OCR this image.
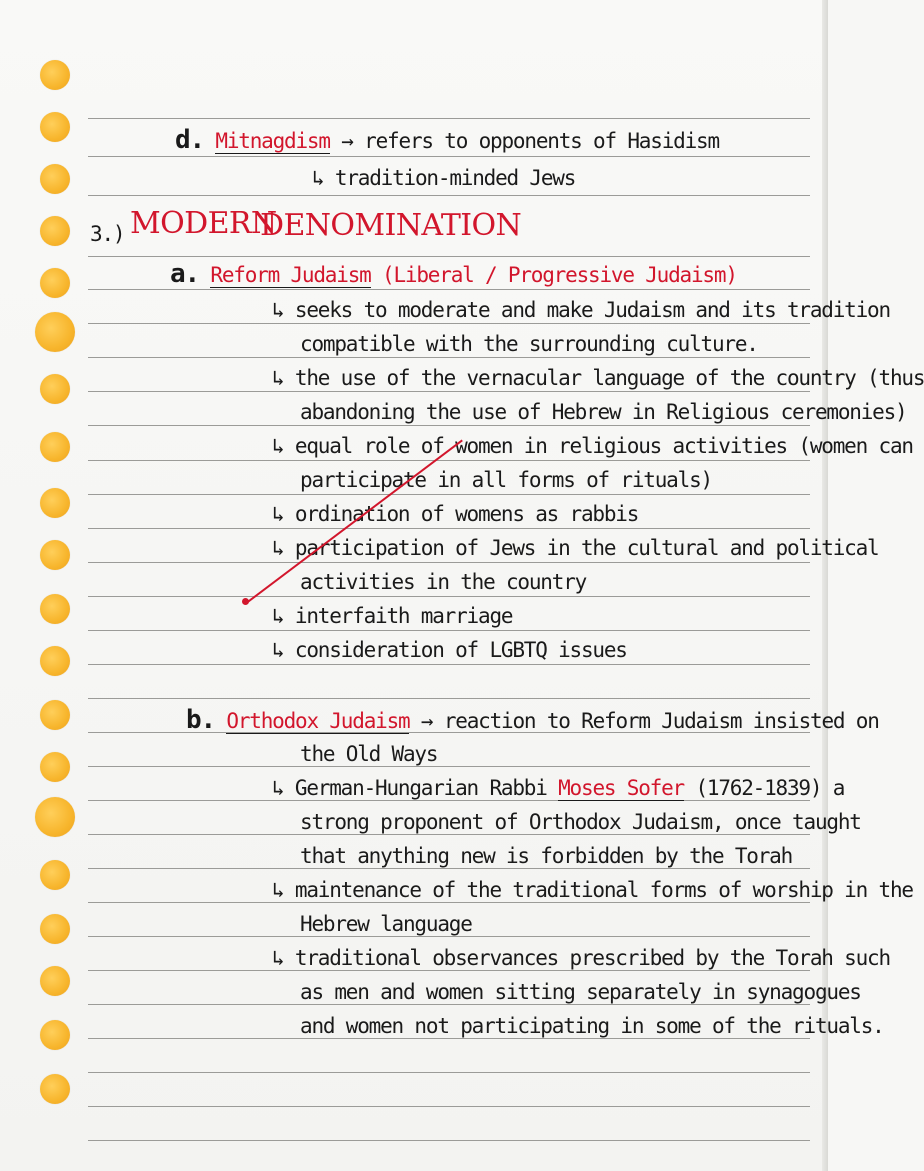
d. Mitnagdism → refers to opponents of Hasidism
↳ tradition-minded Jews
3.) MODERN
DENOMINATION
a. Reform Judaism (Liberal / Progressive Judaism)
↳ seeks to moderate and make Judaism and its tradition
compatible with the surrounding culture.
↳ the use of the vernacular language of the country (thus
abandoning the use of Hebrew in Religious ceremonies)
↳ equal role of women in religious activities (women can
participate in all forms of rituals)
↳ ordination of womens as rabbis
↳ participation of Jews in the cultural and political
activities in the country
↳ interfaith marriage
↳ consideration of LGBTQ issues
b. Orthodox Judaism → reaction to Reform Judaism insisted on
the Old Ways
↳ German-Hungarian Rabbi Moses Sofer (1762-1839) a
strong proponent of Orthodox Judaism, once taught
that anything new is forbidden by the Torah
↳ maintenance of the traditional forms of worship in the
Hebrew language
↳ traditional observances prescribed by the Torah such
as men and women sitting separately in synagogues
and women not participating in some of the rituals.
